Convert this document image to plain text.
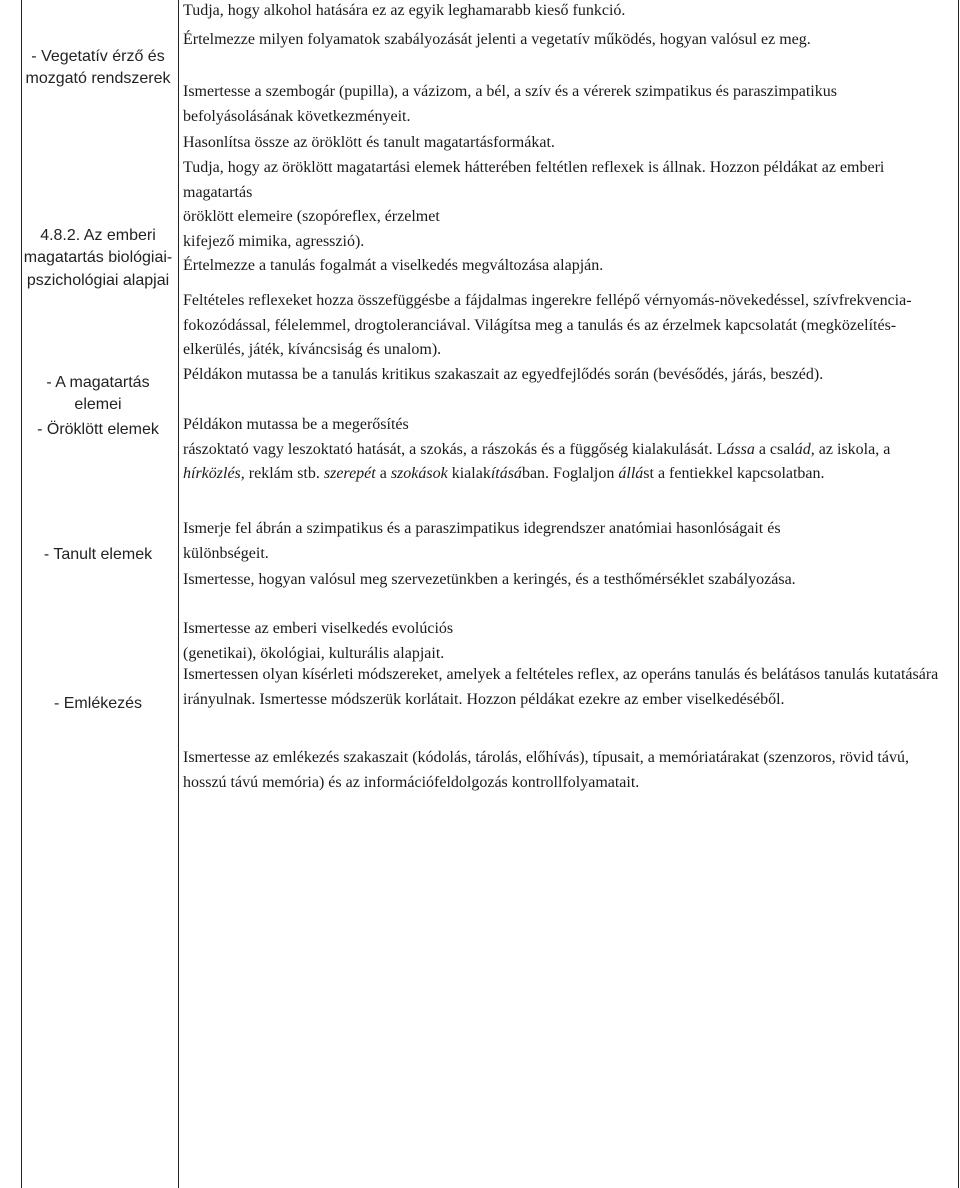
- Vegetatív érző és mozgató rendszerek
4.8.2. Az emberi magatartás biológiai-pszichológiai alapjai
- A magatartás elemei
- Öröklött elemek
- Tanult elemek
- Emlékezés

Tudja, hogy alkohol hatására ez az egyik leghamarabb kieső funkció.

Értelmezze milyen folyamatok szabályozását jelenti a vegetatív működés, hogyan valósul ez meg.

Ismertesse a szembogár (pupilla), a vázizom, a bél, a szív és a vérerek szimpatikus és paraszimpatikus befolyásolásának következményeit.

Hasonlítsa össze az öröklött és tanult magatartásformákat.

Tudja, hogy az öröklött magatartási elemek hátterében feltétlen reflexek is állnak. Hozzon példákat az emberi magatartás
öröklött elemeire (szopóreflex, érzelmet
kifejező mimika, agresszió).

Értelmezze a tanulás fogalmát a viselkedés megváltozása alapján.

Feltételes reflexeket hozza összefüggésbe a fájdalmas ingerekre fellépő vérnyomás-növekedéssel, szívfrekvencia-fokozódással, félelemmel, drogtoleranciával. Világítsa meg a tanulás és az érzelmek kapcsolatát (megközelítés-elkerülés, játék, kíváncsiság és unalom).

Példákon mutassa be a tanulás kritikus szakaszait az egyedfejlődés során (bevésődés, járás, beszéd).

Példákon mutassa be a megerősítés
rászoktató vagy leszoktató hatását, a szokás, a rászokás és a függőség kialakulását. Lássa a család, az iskola, a hírközlés, reklám stb. szerepét a szokások kialakításában. Foglaljon állást a fentiekkel kapcsolatban.

Ismerje fel ábrán a szimpatikus és a paraszimpatikus idegrendszer anatómiai hasonlóságait és különbségeit.

Ismertesse, hogyan valósul meg szervezetünkben a keringés, és a testhőmérséklet szabályozása.

Ismertesse az emberi viselkedés evolúciós
(genetikai), ökológiai, kulturális alapjait.

Ismertessen olyan kísérleti módszereket, amelyek a feltételes reflex, az operáns tanulás és belátásos tanulás kutatására irányulnak. Ismertesse módszerük korlátait. Hozzon példákat ezekre az ember viselkedéséből.

Ismertesse az emlékezés szakaszait (kódolás, tárolás, előhívás), típusait, a memóriatárakat (szenzoros, rövid távú, hosszú távú memória) és az információfeldolgozás kontrollfolyamatait.
